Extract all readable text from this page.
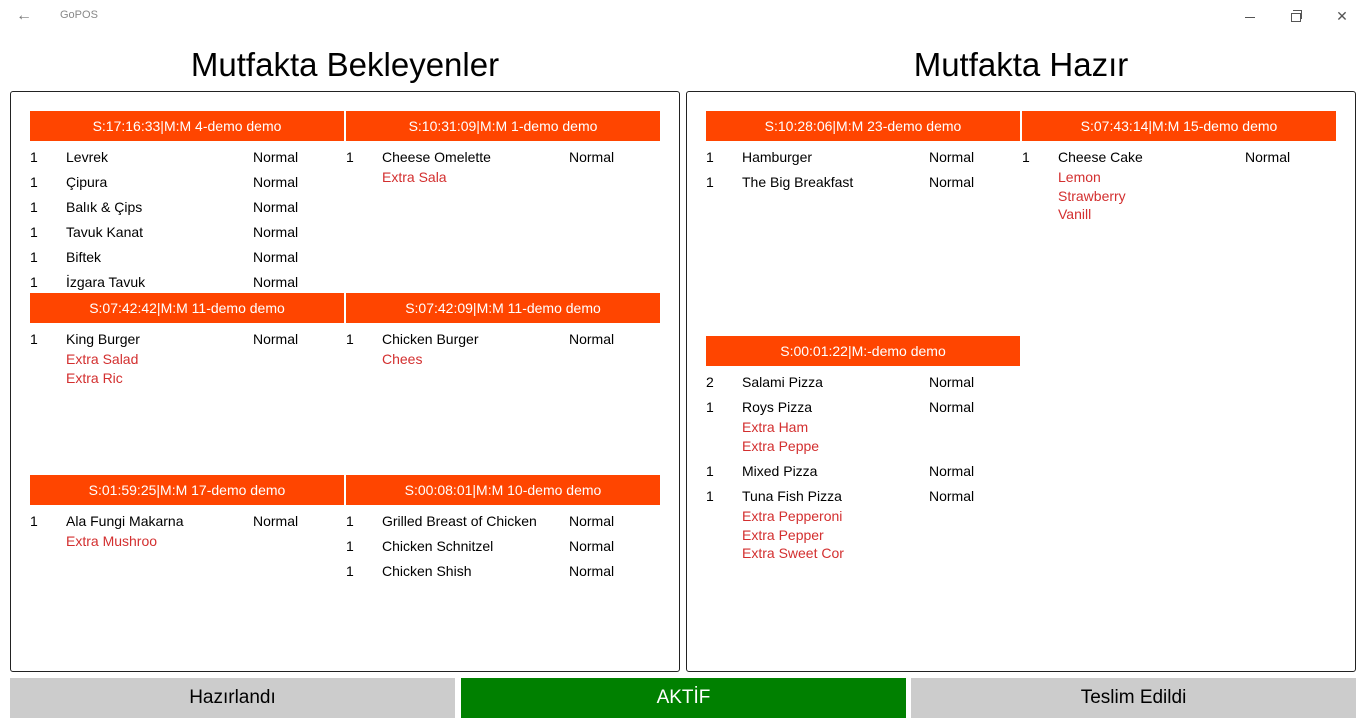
←	GoPOS	✕
Mutfakta Bekleyenler	Mutfakta Hazır
S:17:16:33|M:M 4-demo demo
1 Levrek	Normal
1 Çipura	Normal
1 Balık & Çips	Normal
1 Tavuk Kanat	Normal
1 Biftek	Normal
1 İzgara Tavuk	Normal
S:10:31:09|M:M 1-demo demo
1 Cheese Omelette	Normal
Extra Sala
S:07:42:42|M:M 11-demo demo
1 King Burger	Normal
Extra Salad
Extra Ric
S:07:42:09|M:M 11-demo demo
1 Chicken Burger	Normal
Chees
S:01:59:25|M:M 17-demo demo
1 Ala Fungi Makarna	Normal
Extra Mushroo
S:00:08:01|M:M 10-demo demo
1 Grilled Breast of Chicken Normal
1 Chicken Schnitzel	Normal
1 Chicken Shish	Normal
S:10:28:06|M:M 23-demo demo
1 Hamburger	Normal
1 The Big Breakfast	Normal
S:07:43:14|M:M 15-demo demo
1 Cheese Cake	Normal
Lemon
Strawberry
Vanill
S:00:01:22|M:-demo demo
2 Salami Pizza	Normal
1 Roys Pizza	Normal
Extra Ham
Extra Peppe
1 Mixed Pizza	Normal
1 Tuna Fish Pizza	Normal
Extra Pepperoni
Extra Pepper
Extra Sweet Cor
Hazırlandı	AKTİF	Teslim Edildi
